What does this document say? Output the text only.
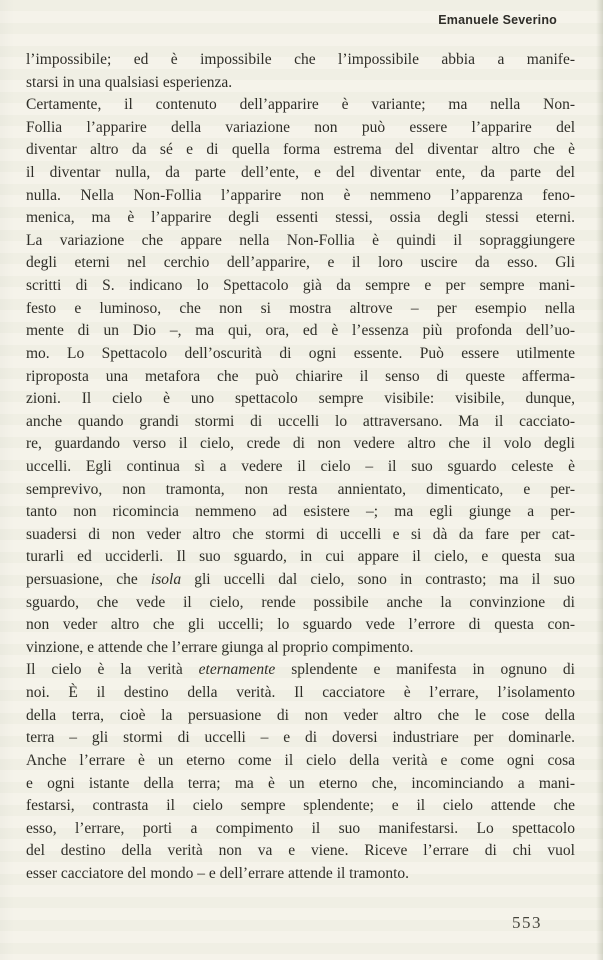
Emanuele Severino
l’impossibile; ed è impossibile che l’impossibile abbia a manife-
starsi in una qualsiasi esperienza.
Certamente, il contenuto dell’apparire è variante; ma nella Non-
Follia l’apparire della variazione non può essere l’apparire del
diventar altro da sé e di quella forma estrema del diventar altro che è
il diventar nulla, da parte dell’ente, e del diventar ente, da parte del
nulla. Nella Non-Follia l’apparire non è nemmeno l’apparenza feno-
menica, ma è l’apparire degli essenti stessi, ossia degli stessi eterni.
La variazione che appare nella Non-Follia è quindi il sopraggiungere
degli eterni nel cerchio dell’apparire, e il loro uscire da esso. Gli
scritti di S. indicano lo Spettacolo già da sempre e per sempre mani-
festo e luminoso, che non si mostra altrove – per esempio nella
mente di un Dio –, ma qui, ora, ed è l’essenza più profonda dell’uo-
mo. Lo Spettacolo dell’oscurità di ogni essente. Può essere utilmente
riproposta una metafora che può chiarire il senso di queste afferma-
zioni. Il cielo è uno spettacolo sempre visibile: visibile, dunque,
anche quando grandi stormi di uccelli lo attraversano. Ma il cacciato-
re, guardando verso il cielo, crede di non vedere altro che il volo degli
uccelli. Egli continua sì a vedere il cielo – il suo sguardo celeste è
semprevivo, non tramonta, non resta annientato, dimenticato, e per-
tanto non ricomincia nemmeno ad esistere –; ma egli giunge a per-
suadersi di non veder altro che stormi di uccelli e si dà da fare per cat-
turarli ed ucciderli. Il suo sguardo, in cui appare il cielo, e questa sua
persuasione, che isola gli uccelli dal cielo, sono in contrasto; ma il suo
sguardo, che vede il cielo, rende possibile anche la convinzione di
non veder altro che gli uccelli; lo sguardo vede l’errore di questa con-
vinzione, e attende che l’errare giunga al proprio compimento.
Il cielo è la verità eternamente splendente e manifesta in ognuno di
noi. È il destino della verità. Il cacciatore è l’errare, l’isolamento
della terra, cioè la persuasione di non veder altro che le cose della
terra – gli stormi di uccelli – e di doversi industriare per dominarle.
Anche l’errare è un eterno come il cielo della verità e come ogni cosa
e ogni istante della terra; ma è un eterno che, incominciando a mani-
festarsi, contrasta il cielo sempre splendente; e il cielo attende che
esso, l’errare, porti a compimento il suo manifestarsi. Lo spettacolo
del destino della verità non va e viene. Riceve l’errare di chi vuol
esser cacciatore del mondo – e dell’errare attende il tramonto.
553
